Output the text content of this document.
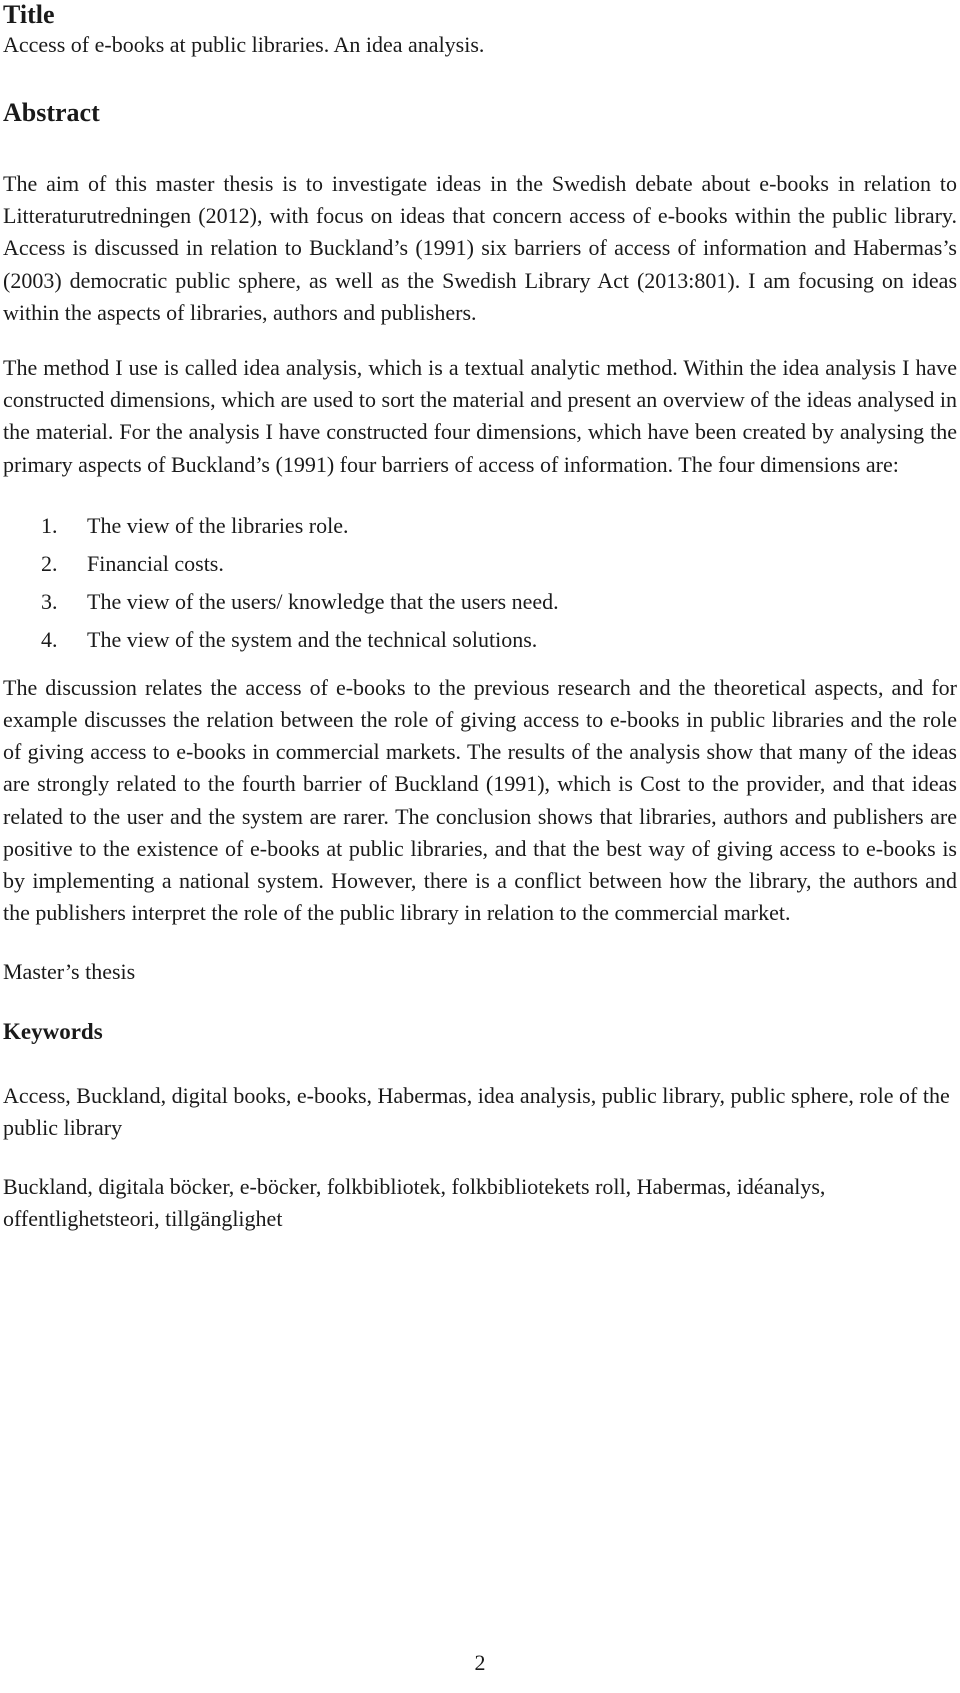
Title

Access of e-books at public libraries. An idea analysis.

Abstract

The aim of this master thesis is to investigate ideas in the Swedish debate about e-books in relation to Litteraturutredningen (2012), with focus on ideas that concern access of e-books within the public library. Access is discussed in relation to Buckland’s (1991) six barriers of access of information and Habermas’s (2003) democratic public sphere, as well as the Swedish Library Act (2013:801). I am focusing on ideas within the aspects of libraries, authors and publishers.

The method I use is called idea analysis, which is a textual analytic method. Within the idea analysis I have constructed dimensions, which are used to sort the material and present an overview of the ideas analysed in the material. For the analysis I have constructed four dimensions, which have been created by analysing the primary aspects of Buckland’s (1991) four barriers of access of information. The four dimensions are:

1.	The view of the libraries role.
2.	Financial costs.
3.	The view of the users/ knowledge that the users need.
4.	The view of the system and the technical solutions.

The discussion relates the access of e-books to the previous research and the theoretical aspects, and for example discusses the relation between the role of giving access to e-books in public libraries and the role of giving access to e-books in commercial markets. The results of the analysis show that many of the ideas are strongly related to the fourth barrier of Buckland (1991), which is Cost to the provider, and that ideas related to the user and the system are rarer. The conclusion shows that libraries, authors and publishers are positive to the existence of e-books at public libraries, and that the best way of giving access to e-books is by implementing a national system. However, there is a conflict between how the library, the authors and the publishers interpret the role of the public library in relation to the commercial market.

Master’s thesis

Keywords

Access, Buckland, digital books, e-books, Habermas, idea analysis, public library, public sphere, role of the public library

Buckland, digitala böcker, e-böcker, folkbibliotek, folkbibliotekets roll, Habermas, idéanalys, offentlighetsteori, tillgänglighet

2
